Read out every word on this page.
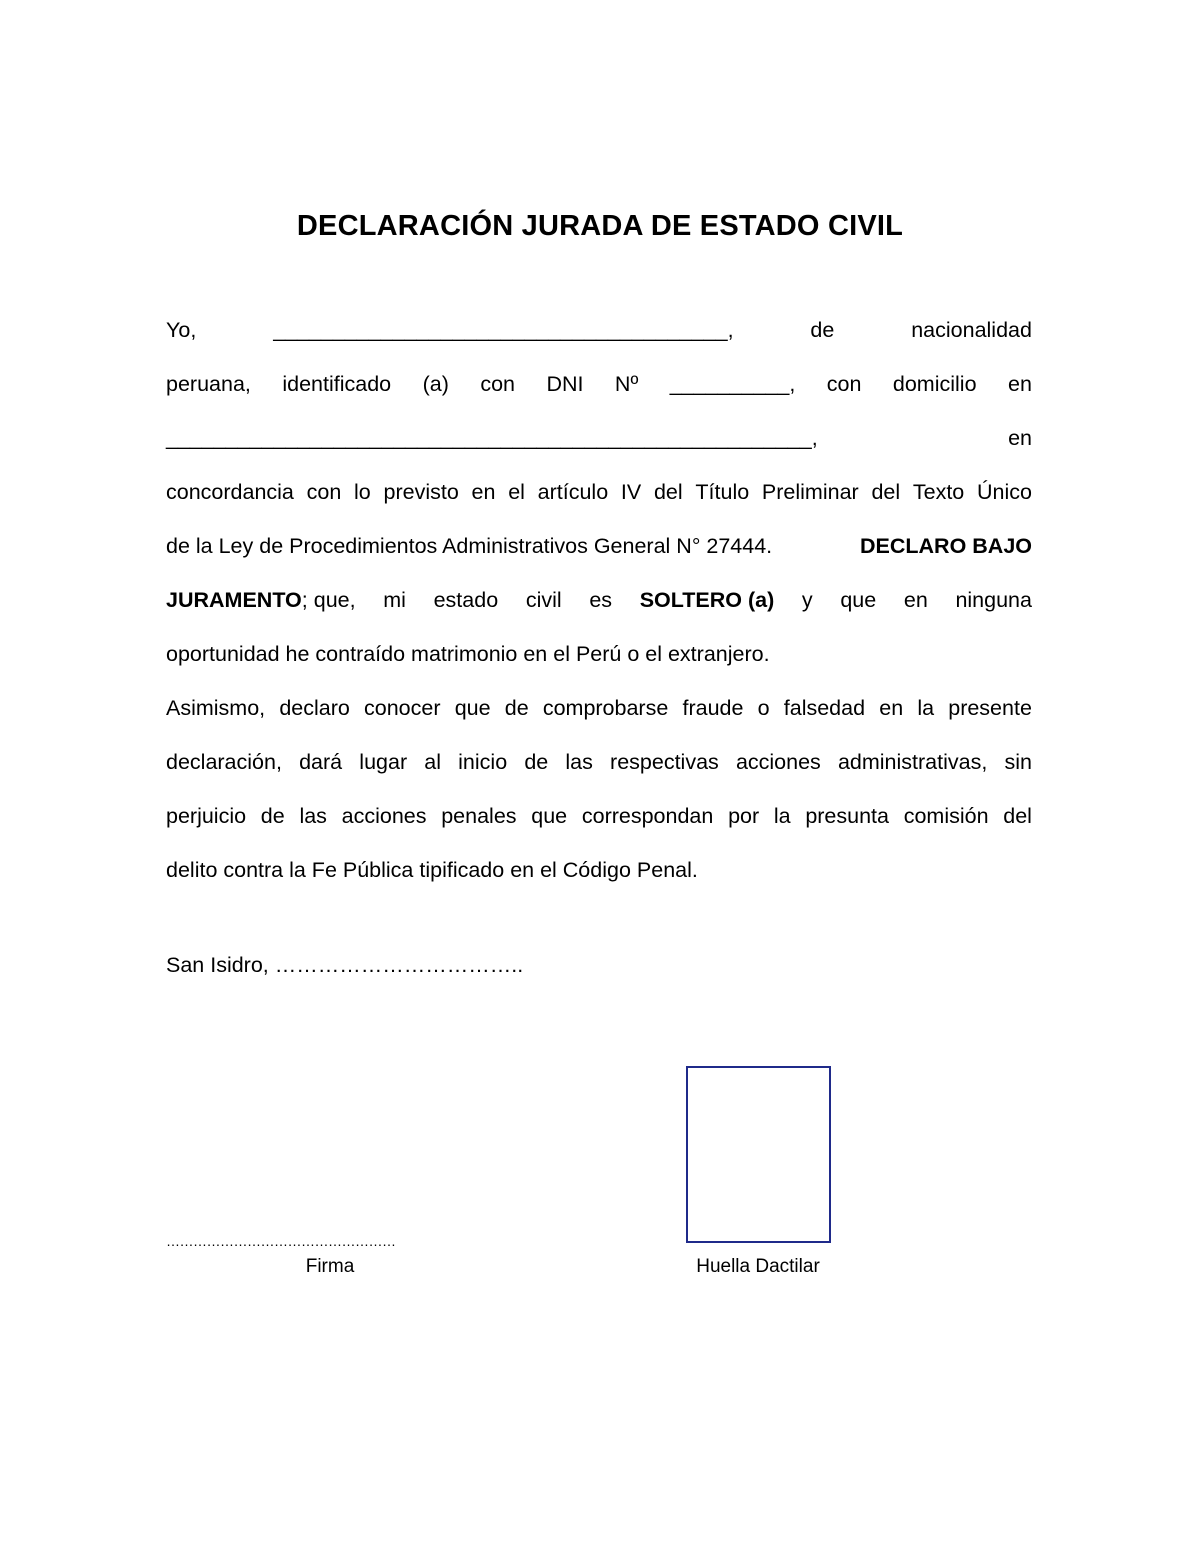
DECLARACIÓN JURADA DE ESTADO CIVIL
Yo,	______________________________________,	de	nacionalidad
peruana, identificado (a) con DNI Nº __________, con domicilio en
______________________________________________________,	en
concordancia con lo previsto en el artículo IV del Título Preliminar del Texto Único
de la Ley de Procedimientos Administrativos General N° 27444.	DECLARO BAJO
JURAMENTO; que, mi estado civil es SOLTERO (a) y que en ninguna
oportunidad he contraído matrimonio en el Perú o el extranjero.
Asimismo, declaro conocer que de comprobarse fraude o falsedad en la presente
declaración, dará lugar al inicio de las respectivas acciones administrativas, sin
perjuicio de las acciones penales que correspondan por la presunta comisión del
delito contra la Fe Pública tipificado en el Código Penal.
San Isidro, ……………………………..
……………………………………………
Firma	Huella Dactilar
